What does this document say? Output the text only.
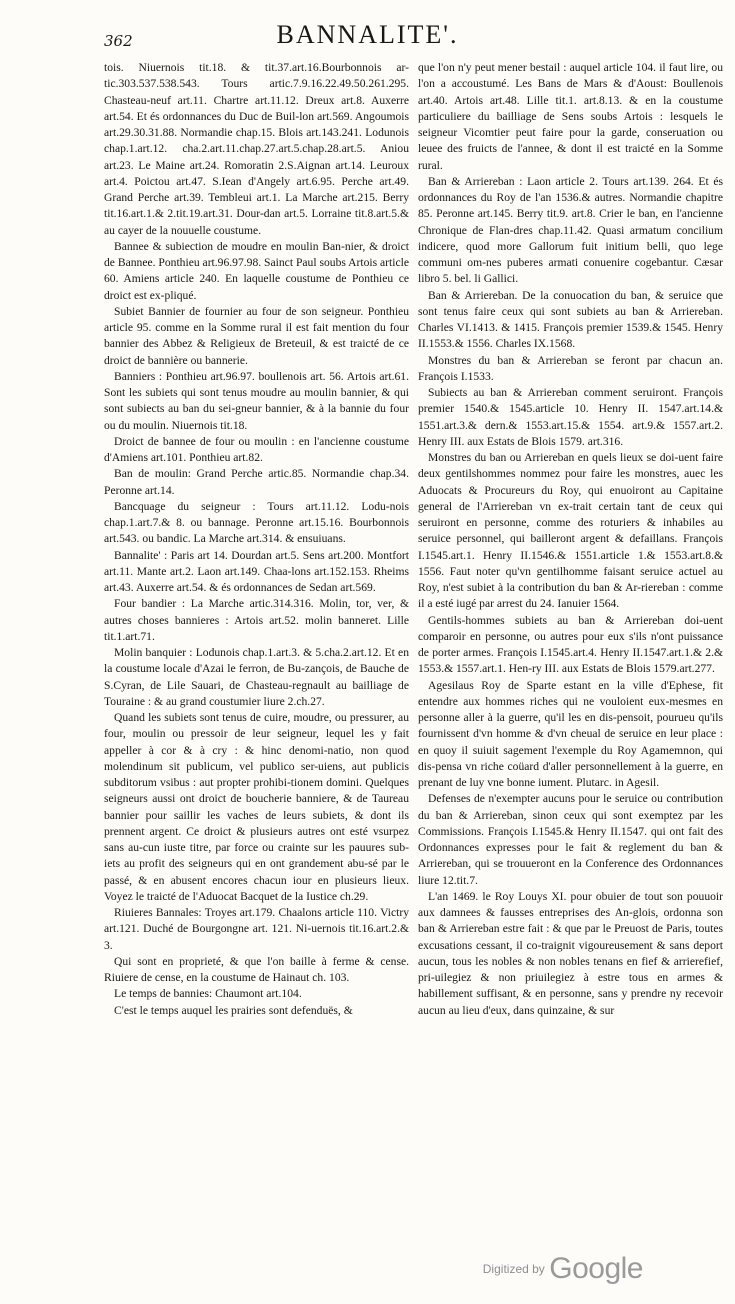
362	BANNALITE'.

tois. Niuernois tit.18. & tit.37.art.16.Bourbonnois ar-tic.303.537.538.543. Tours artic.7.9.16.22.49.50.261.295. Chasteau-neuf art.11. Chartre art.11.12. Dreux art.8. Auxerre art.54. Et és ordonnances du Duc de Buil-lon art.569. Angoumois art.29.30.31.88. Normandie chap.15. Blois art.143.241. Lodunois chap.1.art.12. cha.2.art.11.chap.27.art.5.chap.28.art.5. Aniou art.23. Le Maine art.24. Romoratin 2.S.Aignan art.14. Leuroux art.4. Poictou art.47. S.Iean d'Angely art.6.95. Perche art.49. Grand Perche art.39. Tembleui art.1. La Marche art.215. Berry tit.16.art.1.& 2.tit.19.art.31. Dour-dan art.5. Lorraine tit.8.art.5.& au cayer de la nouuelle coustume.

Bannee & subiection de moudre en moulin Ban-nier, & droict de Bannee. Ponthieu art.96.97.98. Sainct Paul soubs Artois article 60. Amiens article 240. En laquelle coustume de Ponthieu ce droict est ex-pliqué.

Subiet Bannier de fournier au four de son seigneur. Ponthieu article 95. comme en la Somme rural il est fait mention du four bannier des Abbez & Religieux de Breteuil, & est traicté de ce droict de bannière ou bannerie.

Banniers : Ponthieu art.96.97. boullenois art. 56. Artois art.61. Sont les subiets qui sont tenus moudre au moulin bannier, & qui sont subiects au ban du sei-gneur bannier, & à la bannie du four ou du moulin. Niuernois tit.18.

Droict de bannee de four ou moulin : en l'ancienne coustume d'Amiens art.101. Ponthieu art.82.

Ban de moulin: Grand Perche artic.85. Normandie chap.34. Peronne art.14.

Bancquage du seigneur : Tours art.11.12. Lodu-nois chap.1.art.7.& 8. ou bannage. Peronne art.15.16. Bourbonnois art.543. ou bandic. La Marche art.314. & ensuiuans.

Bannalite' : Paris art 14. Dourdan art.5. Sens art.200. Montfort art.11. Mante art.2. Laon art.149. Chaa-lons art.152.153. Rheims art.43. Auxerre art.54. & és ordonnances de Sedan art.569.

Four bandier : La Marche artic.314.316. Molin, tor, ver, & autres choses bannieres : Artois art.52. molin banneret. Lille tit.1.art.71.

Molin banquier : Lodunois chap.1.art.3. & 5.cha.2.art.12. Et en la coustume locale d'Azai le ferron, de Bu-zançois, de Bauche de S.Cyran, de Lile Sauari, de Chasteau-regnault au bailliage de Touraine : & au grand coustumier liure 2.ch.27.

Quand les subiets sont tenus de cuire, moudre, ou pressurer, au four, moulin ou pressoir de leur seigneur, lequel les y fait appeller à cor & à cry : & hinc denomi-natio, non quod molendinum sit publicum, vel publico ser-uiens, aut publicis subditorum vsibus : aut propter prohibi-tionem domini. Quelques seigneurs aussi ont droict de boucherie banniere, & de Taureau bannier pour saillir les vaches de leurs subiets, & dont ils prennent argent. Ce droict & plusieurs autres ont esté vsurpez sans au-cun iuste titre, par force ou crainte sur les pauures sub-iets au profit des seigneurs qui en ont grandement abu-sé par le passé, & en abusent encores chacun iour en plusieurs lieux. Voyez le traicté de l'Aduocat Bacquet de la Iustice ch.29.

Riuieres Bannales: Troyes art.179. Chaalons article 110. Victry art.121. Duché de Bourgongne art. 121. Ni-uernois tit.16.art.2.& 3.

Qui sont en proprieté, & que l'on baille à ferme & cense. Riuiere de cense, en la coustume de Hainaut ch. 103.

Le temps de bannies: Chaumont art.104.

C'est le temps auquel les prairies sont defenduës, &

que l'on n'y peut mener bestail : auquel article 104. il faut lire, ou l'on a accoustumé. Les Bans de Mars & d'Aoust: Boullenois art.40. Artois art.48. Lille tit.1. art.8.13. & en la coustume particuliere du bailliage de Sens soubs Artois : lesquels le seigneur Vicomtier peut faire pour la garde, conseruation ou leuee des fruicts de l'annee, & dont il est traicté en la Somme rural.

Ban & Arriereban : Laon article 2. Tours art.139. 264. Et és ordonnances du Roy de l'an 1536.& autres. Normandie chapitre 85. Peronne art.145. Berry tit.9. art.8. Crier le ban, en l'ancienne Chronique de Flan-dres chap.11.42. Quasi armatum concilium indicere, quod more Gallorum fuit initium belli, quo lege communi om-nes puberes armati conuenire cogebantur. Cæsar libro 5. bel. li Gallici.

Ban & Arriereban. De la conuocation du ban, & seruice que sont tenus faire ceux qui sont subiets au ban & Arriereban. Charles VI.1413. & 1415. François premier 1539.& 1545. Henry II.1553.& 1556. Charles IX.1568.

Monstres du ban & Arriereban se feront par chacun an. François I.1533.

Subiects au ban & Arriereban comment seruiront. François premier 1540.& 1545.article 10. Henry II. 1547.art.14.& 1551.art.3.& dern.& 1553.art.15.& 1554. art.9.& 1557.art.2. Henry III. aux Estats de Blois 1579. art.316.

Monstres du ban ou Arriereban en quels lieux se doi-uent faire deux gentilshommes nommez pour faire les monstres, auec les Aduocats & Procureurs du Roy, qui enuoiront au Capitaine general de l'Arriereban vn ex-trait certain tant de ceux qui seruiront en personne, comme des roturiers & inhabiles au seruice personnel, qui bailleront argent & defaillans. François I.1545.art.1. Henry II.1546.& 1551.article 1.& 1553.art.8.& 1556. Faut noter qu'vn gentilhomme faisant seruice actuel au Roy, n'est subiet à la contribution du ban & Ar-riereban : comme il a esté iugé par arrest du 24. Ianuier 1564.

Gentils-hommes subiets au ban & Arriereban doi-uent comparoir en personne, ou autres pour eux s'ils n'ont puissance de porter armes. François I.1545.art.4. Henry II.1547.art.1.& 2.& 1553.& 1557.art.1. Hen-ry III. aux Estats de Blois 1579.art.277.

Agesilaus Roy de Sparte estant en la ville d'Ephese, fit entendre aux hommes riches qui ne vouloient eux-mesmes en personne aller à la guerre, qu'il les en dis-pensoit, pourueu qu'ils fournissent d'vn homme & d'vn cheual de seruice en leur place : en quoy il suiuit sagement l'exemple du Roy Agamemnon, qui dis-pensa vn riche coüard d'aller personnellement à la guerre, en prenant de luy vne bonne iument. Plutarc. in Agesil.

Defenses de n'exempter aucuns pour le seruice ou contribution du ban & Arriereban, sinon ceux qui sont exemptez par les Commissions. François I.1545.& Henry II.1547. qui ont fait des Ordonnances expresses pour le fait & reglement du ban & Arriereban, qui se trouueront en la Conference des Ordonnances liure 12.tit.7.

L'an 1469. le Roy Louys XI. pour obuier de tout son pouuoir aux damnees & fausses entreprises des An-glois, ordonna son ban & Arriereban estre fait : & que par le Preuost de Paris, toutes excusations cessant, il co-traignit vigoureusement & sans deport aucun, tous les nobles & non nobles tenans en fief & arrierefief, pri-uilegiez & non priuilegiez à estre tous en armes & habillement suffisant, & en personne, sans y prendre ny recevoir aucun au lieu d'eux, dans quinzaine, & sur

Digitized by Google
